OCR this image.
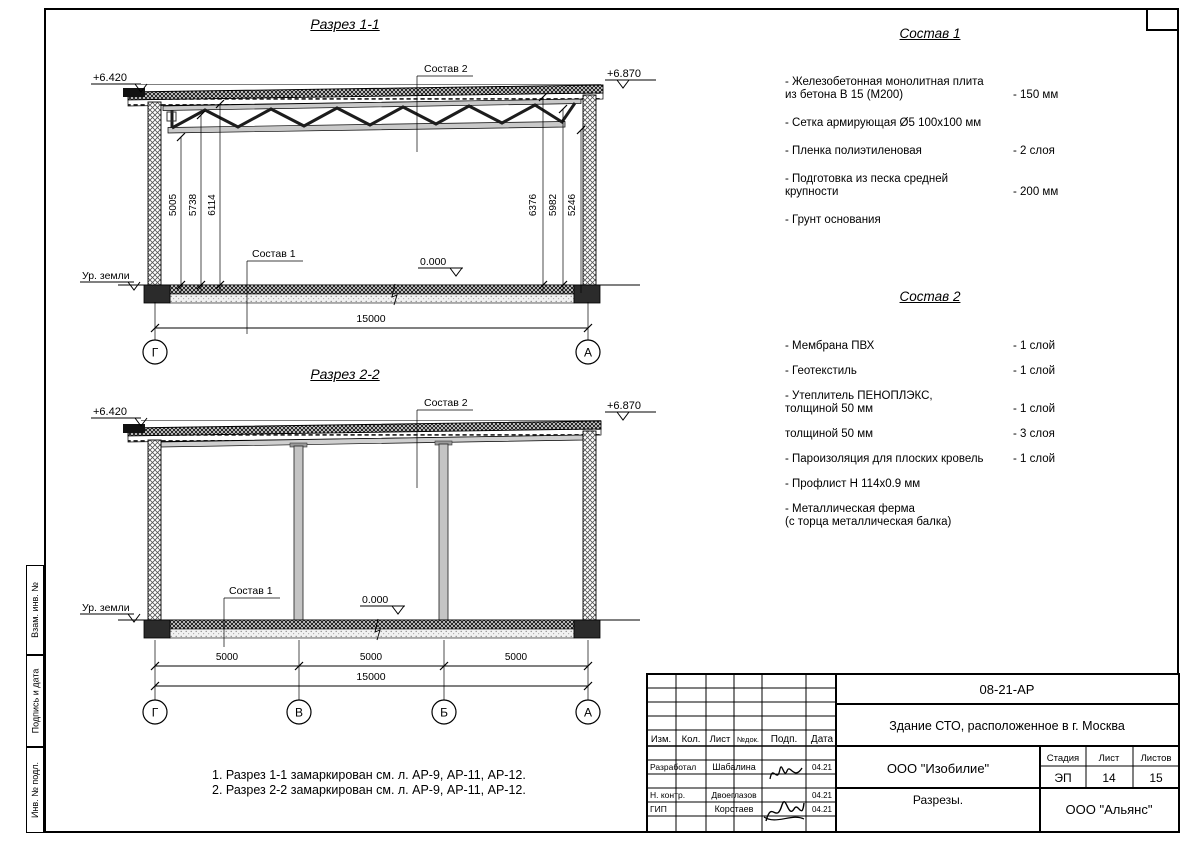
Взам. инв. №
Подпись и дата
Инв. № подл.
Разрез 1-1
Разрез 2-2
Состав 1
Состав 2
5005 5738 6114	6376 5982 5246
15000
Г	А
+6.420	+6.870
0.000
Ур. земли
Состав 2
Состав 1
+6.420	+6.870
0.000
Ур. земли
Состав 2
Состав 1
5000	5000	5000
15000
Г	В	Б	А
- Железобетонная монолитная плита
из бетона В 15 (М200)	- 150 мм
- Сетка армирующая Ø5 100x100 мм
- Пленка полиэтиленовая	- 2 слоя
- Подготовка из песка средней
крупности	- 200 мм
- Грунт основания
- Мембрана ПВХ	- 1 слой
- Геотекстиль	- 1 слой
- Утеплитель ПЕНОПЛЭКС,
толщиной 50 мм	- 1 слой
толщиной 50 мм	- 3 слоя
- Пароизоляция для плоских кровель	- 1 слой
- Профлист Н 114x0.9 мм
- Металлическая ферма
(с торца металлическая балка)
1. Разрез 1-1 замаркирован см. л. АР-9, АР-11, АР-12.
2. Разрез 2-2 замаркирован см. л. АР-9, АР-11, АР-12.
Изм. Кол. Лист №док. Подп. Дата
Разработал Шабалина	04.21
Н. контр.	Двоеглазов	04.21
ГИП	Коротаев	04.21
08-21-АР
Здание СТО, расположенное в г. Москва
ООО "Изобилие"
Стадия Лист Листов
ЭП	14	15
Разрезы.
ООО "Альянс"
